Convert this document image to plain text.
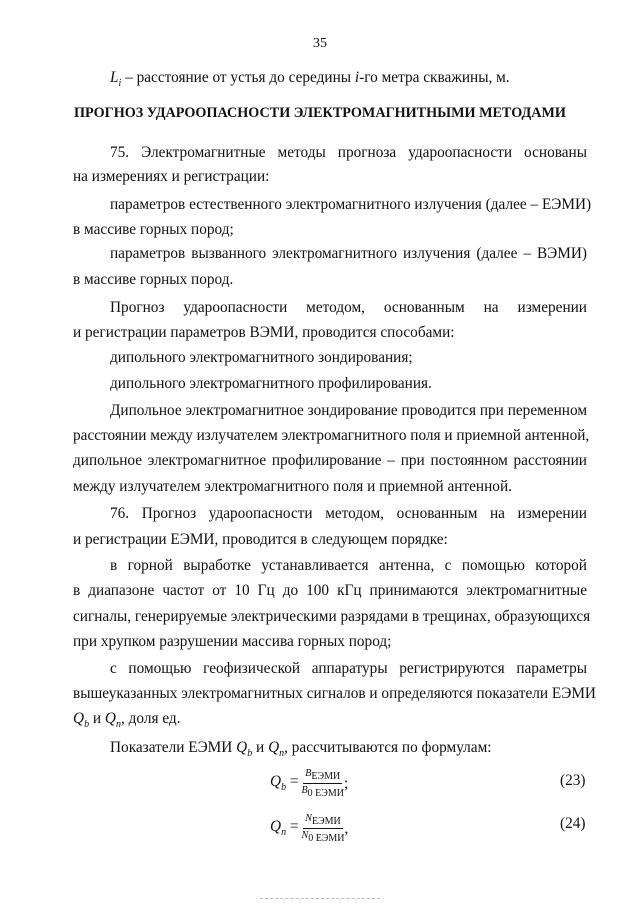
35
$L_i$ – расстояние от устья до середины i-го метра скважины, м.
ПРОГНОЗ УДАРООПАСНОСТИ ЭЛЕКТРОМАГНИТНЫМИ МЕТОДАМИ
75. Электромагнитные методы прогноза удароопасности основаны
на измерениях и регистрации:
параметров естественного электромагнитного излучения (далее – ЕЭМИ)
в массиве горных пород;
параметров вызванного электромагнитного излучения (далее – ВЭМИ)
в массиве горных пород.
Прогноз удароопасности методом, основанным на измерении
и регистрации параметров ВЭМИ, проводится способами:
дипольного электромагнитного зондирования;
дипольного электромагнитного профилирования.
Дипольное электромагнитное зондирование проводится при переменном
расстоянии между излучателем электромагнитного поля и приемной антенной,
дипольное электромагнитное профилирование – при постоянном расстоянии
между излучателем электромагнитного поля и приемной антенной.
76. Прогноз удароопасности методом, основанным на измерении
и регистрации ЕЭМИ, проводится в следующем порядке:
в горной выработке устанавливается антенна, с помощью которой
в диапазоне частот от 10 Гц до 100 кГц принимаются электромагнитные
сигналы, генерируемые электрическими разрядами в трещинах, образующихся
при хрупком разрушении массива горных пород;
с помощью геофизической аппаратуры регистрируются параметры
вышеуказанных электромагнитных сигналов и определяются показатели ЕЭМИ
$Q_b$ и $Q_n$, доля ед.
Показатели ЕЭМИ $Q_b$ и $Q_n$, рассчитываются по формулам:
$Q_b = \frac{B_{ЕЭМИ}}{B_{0 ЕЭМИ}}$ ;	(23)
$Q_n = \frac{N_{ЕЭМИ}}{N_{0 ЕЭМИ}}$ ,	(24)
